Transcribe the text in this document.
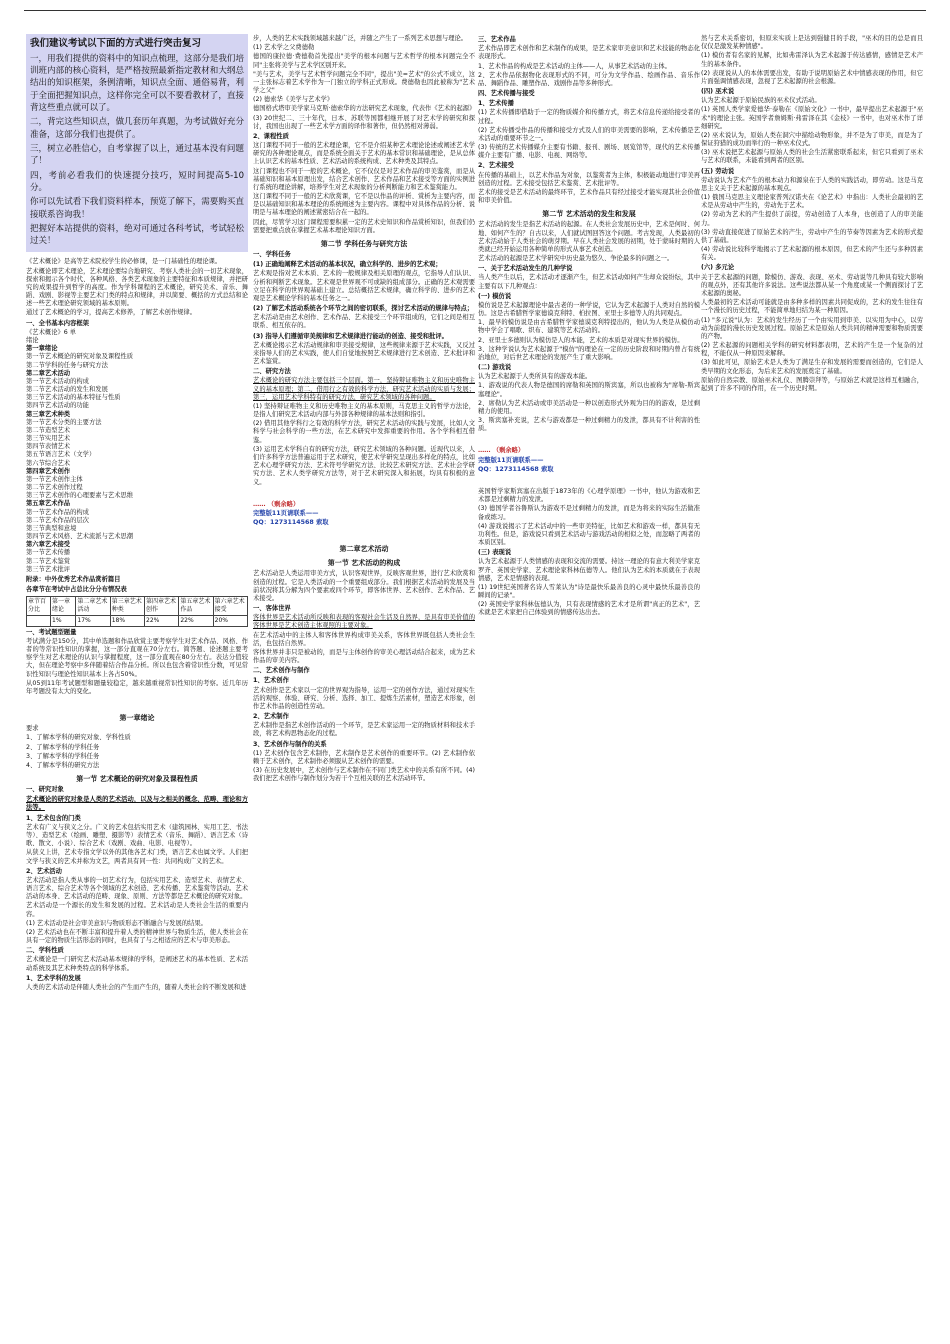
我们建议考试以下面的方式进行突击复习

一，用我们提供的资料中的知识点梳理，这部分是我们培训班内部的核心资料，是严格按照最新指定教材和大纲总结出的知识框架，条例清晰，知识点全面、通俗易背，利于全面把握知识点，这样你完全可以不要看教材了，直接背这些重点就可以了。

二，背完这些知识点，做几套历年真题，为考试做好充分准备，这部分我们也提供了。

三，树立必胜信心，自考掌握了以上，通过基本没有问题了！

四，考前必看我们的快速提分技巧，短时间提高5-10分。

你可以先试看下我们资料样本，预览了解下，需要购买直接联系咨询我！

把握好本站提供的资料，绝对可通过各科考试，考试轻松过关！

《艺术概论》是高等艺术院校学生的必修课，是一门基础性的理论课。

艺术概论即艺术理论，艺术理论要综合地研究、考察人类社会的一切艺术现象，探索和揭示各个时代、各种风格、各类艺术现象的主要特征和本质规律，并把研究的成果提升到哲学的高度。作为学科课程的艺术概论，研究美术、音乐、舞蹈、戏剧、影视等主要艺术门类的特点和规律，并以简要、概括的方式总结和论述一些艺术理论研究领域的基本原则。

通过了艺术概论的学习，提高艺术修养，了解艺术创作规律。

一、全书基本内容框架
《艺术概论》6 单
绪论
第一章绪论
第一节艺术概论的研究对象及课程性质
第二节学科的任务与研究方法
第二章艺术活动
第一节艺术活动的构成
第二节艺术活动的发生和发展
第三节艺术活动的基本特征与性质
第四节艺术活动的功能
第三章艺术种类
第一节艺术分类的主要方法
第二节造型艺术
第三节实用艺术
第四节表情艺术
第五节语言艺术（文学）
第六节综合艺术
第四章艺术创作
第一节艺术创作主体
第二节艺术创作过程
第三节艺术创作的心理要素与艺术思维
第五章艺术作品
第一节艺术作品的构成
第二节艺术作品的层次
第三节典型和意境
第四节艺术风格、艺术流派与艺术思潮
第六章艺术接受
第一节艺术传播
第二节艺术鉴赏
第三节艺术批评
附录：中外优秀艺术作品赏析篇目
各章节在考试中占总比分分布情况表
章节百分比	第一章绪论	第二章艺术活动	第三章艺术种类	第四章艺术创作	第五章艺术作品	第六章艺术接受
	1%	17%	18%	22%	22%	20%
一、考试题型题量

考试满分是150分，其中单选题和作品欣赏主要考察学生对艺术作品、风格、作者的等常识性知识的掌握，这一部分直观在70分左右。简答题、论述题主要考察学生对艺术理论的认识与掌握程度，这一部分直观在80分左右。表达分值较大，但在理论考察中多伴随着结合作品分析。所以也包含着常识性分数，可见常识性知识与理论性知识基本上各占50%。

从05到11年考试题型和题量较稳定，越来越重视常识性知识的考察。近几年历年考题没有太大的变化。

第一章绪论

要求

1、了解本学科的研究对象、学科性质

2、了解本学科的学科任务

3、了解本学科的学科任务

4、了解本学科的研究方法

第一节 艺术概论的研究对象及课程性质
一、研究对象

艺术概论的研究对象是人类的艺术活动，以及与之相关的概念、范畴、理论和方法等。

1、艺术包含的门类

艺术有广义与狭义之分。广义的艺术包括实用艺术（建筑园林、实用工艺、书法等）、造型艺术（绘画、雕塑、摄影等）表情艺术（音乐、舞蹈）、语言艺术（诗歌、散文、小说）、综合艺术（戏剧、戏曲、电影、电视等）。

从狭义上讲，艺术专指文学以外的其他各艺术门类，语言艺术也属文学。人们把文学与狭义的艺术并称为文艺，两者具有同一性：共同构成广义的艺术。

2、艺术活动

艺术活动是指人类从事的一切艺术行为，包括实用艺术、造型艺术、表情艺术、语言艺术、综合艺术等各个领域的艺术创造、艺术传播、艺术鉴赏等活动。艺术活动的本身、艺术活动的范畴、现象、原则、方法等都是艺术概论的研究对象。

艺术活动是一个源长的发生和发展的过程。艺术活动是人类社会生活的重要内容。

(1) 艺术活动是社会审美意识与物质形态不断融合与发展的结果。

(2) 艺术活动也在不断丰富和提升着人类的精神世界与物质生活，使人类社会在具有一定的物质生活形态的同时，也具有了与之相适应的艺术与审美形态。

二、学科性质

艺术概论是一门研究艺术活动基本规律的学科，是阐述艺术的基本性质、艺术活动系统及其艺术种类特点的科学体系。

1、艺术学科的发展

人类的艺术活动是伴随人类社会的产生而产生的，随着人类社会的不断发展和进

步，人类的艺术实践领域越来越广泛，并随之产生了一系列艺术思想与理论。

(1) 艺术学之父费德勒

德国的康拉德·费德勒首先提出"美学的根本问题与艺术哲学的根本问题完全不同"主张将美学与艺术学区别开来。

"美与艺术，美学与艺术哲学问题完全不同"，提出"美=艺术"的公式不成立，这一主张标志着艺术学作为一门独立的学科正式形成。费德勒也因此被称为"艺术学之父"

(2) 德索华《美学与艺术学》

德国格式塔审美学家马克斯·德索华的方法研究艺术现象，代表作《艺术的起源》

(3) 20世纪二、三十年代，日本、苏联等国都相继开展了对艺术学的研究和探讨，我国也出现了一些艺术学方面的译作和著作，但仍然相对薄弱。

2、课程性质

这门课程不同于一般的艺术理论课，它不是介绍某种艺术理论论述或阐述艺术学研究的各种理论观点，而是系统全面关于艺术的基本常识和基础理论，是从总体上认识艺术的基本性质、艺术活动的系统构成、艺术种类及其特点。

这门课程也不同于一般的艺术概论，它不仅仅是对艺术作品的审美鉴赏，而是从基础知识和基本原理出发，结合艺术创作、艺术作品和艺术接受等方面的实例进行系统的理论讲解，培养学生对艺术现象的分析判断能力和艺术鉴赏能力。

这门课程不同于一般的艺术欣赏课，它不是以作品的评析、赏析为主要内容，而是以基础知识和基本理论的系统阐述为主要内容。课程中对具体作品的分析、说明是与基本理论的阐述紧密结合在一起的。

因此，尽管学习这门课程需要积累一定的艺术史知识和作品赏析知识，但我们仍需要把重点放在掌握艺术基本理论知识方面。

第二节 学科任务与研究方法
一、学科任务

(1) 正确地阐释艺术活动的基本状况，确立科学的、进步的艺术观；

艺术观是指对艺术本质、艺术的一般规律及相关原理的观点，它指导人们认识、分析和判断艺术现象。艺术观是世界观不可或缺的组成部分。正确的艺术观需要立足在科学的世界观基础上建立。总结概括艺术规律，确立科学的、进步的艺术观是艺术概论学科的基本任务之一。

(2) 了解艺术活动系统各个环节之间的密切联系，探讨艺术活动的规律与特点；

艺术活动是由艺术创作、艺术作品、艺术接受三个环节组成的，它们之间是相互联系、相互依存的。

(3) 指导人们遵循审美规律和艺术规律进行能动的创造、接受和批评。

艺术概论揭示艺术活动规律和审美接受规律，这些规律来源于艺术实践，又反过来指导人们的艺术实践，使人们自觉地按照艺术规律进行艺术创造、艺术批评和艺术鉴赏。

二、研究方法

艺术概论的研究方法主要包括三个层面。第一，坚持辩证唯物主义和历史唯物主义的基本原理；第二，借用行之有效的科学方法，研究艺术活动的实质与发展；第三，运用艺术学科特有的研究方法，研究艺术领域的各种问题。

(1) 坚持辩证唯物主义和历史唯物主义的基本原则，马克思主义的哲学方法论，是指人们研究艺术活动内部与外部各种规律的基本法则和指引。

(2) 借用其他学科行之有效的科学方法，研究艺术活动的实践与发展，比如人文科学与社会科学的一些方法，在艺术研究中发挥重要的作用。各个学科相互借鉴。

(3) 运用艺术学科自有的研究方法，研究艺术领域的各种问题。近现代以来，人们许多科学方法普遍运用于艺术研究，使艺术学研究呈现出多样化的特点，比如艺术心理学研究方法、艺术符号学研究方法、比较艺术研究方法、艺术社会学研究方法、艺术人类学研究方法等，对于艺术研究深入和拓展，均具有积极的意义。

…… （剩余略）

完整版11页请联系——

QQ：1273114568 索取

第二章艺术活动
第一节 艺术活动的构成

艺术活动是人类运用审美方式，认识客观世界，反映客观世界，进行艺术欣赏和创造的过程。它是人类活动的一个重要组成部分。我们根据艺术活动的发展及当前状况将其分解为四个要素或四个环节，即客体世界、艺术创作、艺术作品、艺术接受。

一、客体世界

客体世界是艺术活动所反映和表现的客观社会生活及自然界，是具有审美价值的客体世界是艺术创造主体观照的主要对象。

在艺术活动中的主体人和客体世界构成审美关系，客体世界既包括人类社会生活，也包括自然界。

客体世界并非只是被动的，而是与主体创作的审美心理活动结合起来，成为艺术作品的审美内容。

二、艺术创作与制作
1、艺术创作

艺术创作是艺术家以一定的世界观为指导，运用一定的创作方法，通过对现实生活的观察、体验、研究、分析、选择、加工、提炼生活素材，塑造艺术形象，创作艺术作品的创造性劳动。

2、艺术制作

艺术制作是指艺术创作活动的一个环节，是艺术家运用一定的物质材料和技术手段，将艺术构思物态化的过程。

3、艺术创作与制作的关系

(1) 艺术创作包含艺术制作，艺术制作是艺术创作的重要环节。(2) 艺术制作依赖于艺术创作，艺术制作必须服从艺术创作的需要。

(3) 在历史发展中，艺术创作与艺术制作在不同门类艺术中的关系有所不同。(4) 我们把艺术创作与制作划分为若干个互相关联的艺术活动环节。

三、艺术作品

艺术作品即艺术创作和艺术制作的成果，是艺术家审美意识和艺术技能的物态化表现形式。

1、艺术作品的构成是艺术活动的主体——人，从事艺术活动的主体。

2、艺术作品依据物化表现形式的不同，可分为文学作品、绘画作品、音乐作品、舞蹈作品、雕塑作品、戏剧作品等多种形式。

四、艺术传播与接受
1、艺术传播

(1) 艺术传播即借助于一定的物质媒介和传播方式，将艺术信息传递给接受者的过程。

(2) 艺术传播受作品的传播和接受方式及人们的审美需要的影响，艺术传播是艺术活动的重要环节之一。

(3) 传统的艺术传播媒介主要有书籍、报刊、剧场、展览馆等，现代的艺术传播媒介主要有广播、电影、电视、网络等。

2、艺术接受

在传播的基础上，以艺术作品为对象，以鉴赏者为主体，积极能动地进行审美再创造的过程。艺术接受包括艺术鉴赏、艺术批评等。

艺术的接受是艺术活动的最终环节，艺术作品只有经过接受才能实现其社会价值和审美价值。

第二节 艺术活动的发生和发展

艺术活动的发生是指艺术活动的起源。在人类社会发展历史中，艺术是何时、何地、如何产生的？自古以来，人们就试图回答这个问题。考古发现，人类最初的艺术活动始于人类社会的萌芽期。早在人类社会发展的初期，处于蒙昧时期的人类就已经开始运用各种简单的形式从事艺术创造。

艺术活动的起源是艺术学研究中历史最为悠久、争论最多的问题之一。

一、关于艺术活动发生的几种学说

当人类产生以后，艺术活动才逐渐产生，但艺术活动如何产生却众说纷纭，其中主要有以下几种观点：

(一) 模仿说

模仿说是艺术起源理论中最古老的一种学说，它认为艺术起源于人类对自然的模仿。这是古希腊哲学家德谟克利特、柏拉图、亚里士多德等人的共同观点。

1、最早的模仿说是由古希腊哲学家德谟克利特提出的，他认为人类是从模仿动物中学会了唱歌、织布、建筑等艺术活动的。

2、亚里士多德则认为模仿是人的本能，艺术的本质是对现实世界的模仿。

3、这种学说认为艺术起源于"模仿"的理论在一定的历史阶段和时期内曾占有统治地位，对后世艺术理论的发展产生了重大影响。

(二) 游戏说

认为艺术起源于人类所具有的游戏本能。

1、游戏说的代表人物是德国的席勒和英国的斯宾塞，所以也被称为"席勒-斯宾塞理论"。

2、席勒认为艺术活动或审美活动是一种以创造形式外观为目的的游戏，是过剩精力的使用。

3、斯宾塞补充说，艺术与游戏都是一种过剩精力的发泄，都具有不计利害的性质。

…… （剩余略）

完整版11页请联系——

QQ：1273114568 索取

英国哲学家斯宾塞在出版于1873年的《心理学原理》一书中，他认为游戏和艺术都是过剩精力的发泄。

(3) 德国学者谷鲁斯认为游戏不是过剩精力的发泄，而是为将来的实际生活做准备或练习。

(4) 游戏说揭示了艺术活动中的一些审美特征，比如艺术和游戏一样，都具有无功利性。但是，游戏说只看到艺术活动与游戏活动的相似之处，而忽略了两者的本质区别。

(三) 表现说

认为艺术起源于人类情感的表现和交流的需要。持这一理论的有意大利美学家克罗齐、英国史学家、艺术理论家科林伍德等人。他们认为艺术的本质就在于表现情感，艺术是情感的表现。

(1) 19世纪英国著名诗人雪莱认为"诗是最快乐最善良的心灵中最快乐最善良的瞬间的记录"。

(2) 英国史学家科林伍德认为，只有表现情感的艺术才是所谓"真正的艺术"，艺术就是艺术家把自己体验到的情感传达出去。

然与艺术关系密切，但原来实质上是达到强健目的手段，"巫术的目的总是而且仅仅是激发某种情感"。

(1) 模仿者有名家的见解，比如弗雷泽认为艺术起源于传达感情，感情是艺术产生的基本条件。

(2) 表现说从人的本体需要出发，有助于说明原始艺术中情感表现的作用，但它片面强调情感表现，忽视了艺术起源的社会根源。

(四) 巫术说

认为艺术起源于原始民族的巫术仪式活动。

(1) 英国人类学家爱德华·泰勒在《原始文化》一书中，最早提出艺术起源于"巫术"的理论主张。英国学者詹姆斯·弗雷泽在其《金枝》一书中，也对巫术作了详细研究。

(2) 巫术说认为，原始人类在洞穴中描绘动物形象，并不是为了审美，而是为了保证狩猎的成功而举行的一种巫术仪式。

(3) 巫术说把艺术起源与原始人类的社会生活紧密联系起来，但它只看到了巫术与艺术的联系，未能看到两者的区别。

(五) 劳动说

劳动说认为艺术产生的根本动力和源泉在于人类的实践活动，即劳动。这是马克思主义关于艺术起源的基本观点。

(1) 俄国马克思主义理论家普列汉诺夫在《论艺术》中指出：人类社会最初的艺术是从劳动中产生的，劳动先于艺术。

(2) 劳动为艺术的产生提供了前提，劳动创造了人本身，也创造了人的审美能力。

(3) 劳动直接促进了原始艺术的产生，劳动中产生的节奏等因素为艺术的形式提供了基础。

(4) 劳动说比较科学地揭示了艺术起源的根本原因，但艺术的产生还与多种因素有关。

(六) 多元论

关于艺术起源的问题，除模仿、游戏、表现、巫术、劳动说等几种具有较大影响的观点外，还有其他许多说法。这些说法都从某一个角度或某一个侧面探讨了艺术起源的奥秘。

人类最初的艺术活动可能就是由多种多样的因素共同促成的，艺术的发生往往有一个漫长的历史过程，不能简单地归结为某一种原因。

(1) "多元说"认为：艺术的发生经历了一个由实用到审美、以实用为中心，以劳动为前提的漫长历史发展过程。原始艺术是原始人类共同的精神需要和物质需要的产物。

(2) 艺术起源的问题相关学科的研究材料都表明，艺术的产生是一个复杂的过程，不能仅从一种原因来解释。

(3) 如此可见，原始艺术是人类为了满足生存和发展的需要而创造的，它们是人类早期的文化形态，为后来艺术的发展奠定了基础。

原始的自然宗教、原始巫术礼仪、图腾崇拜等，与原始艺术就是这样互相融合，起到了许多不同的作用，在一个历史时期。
